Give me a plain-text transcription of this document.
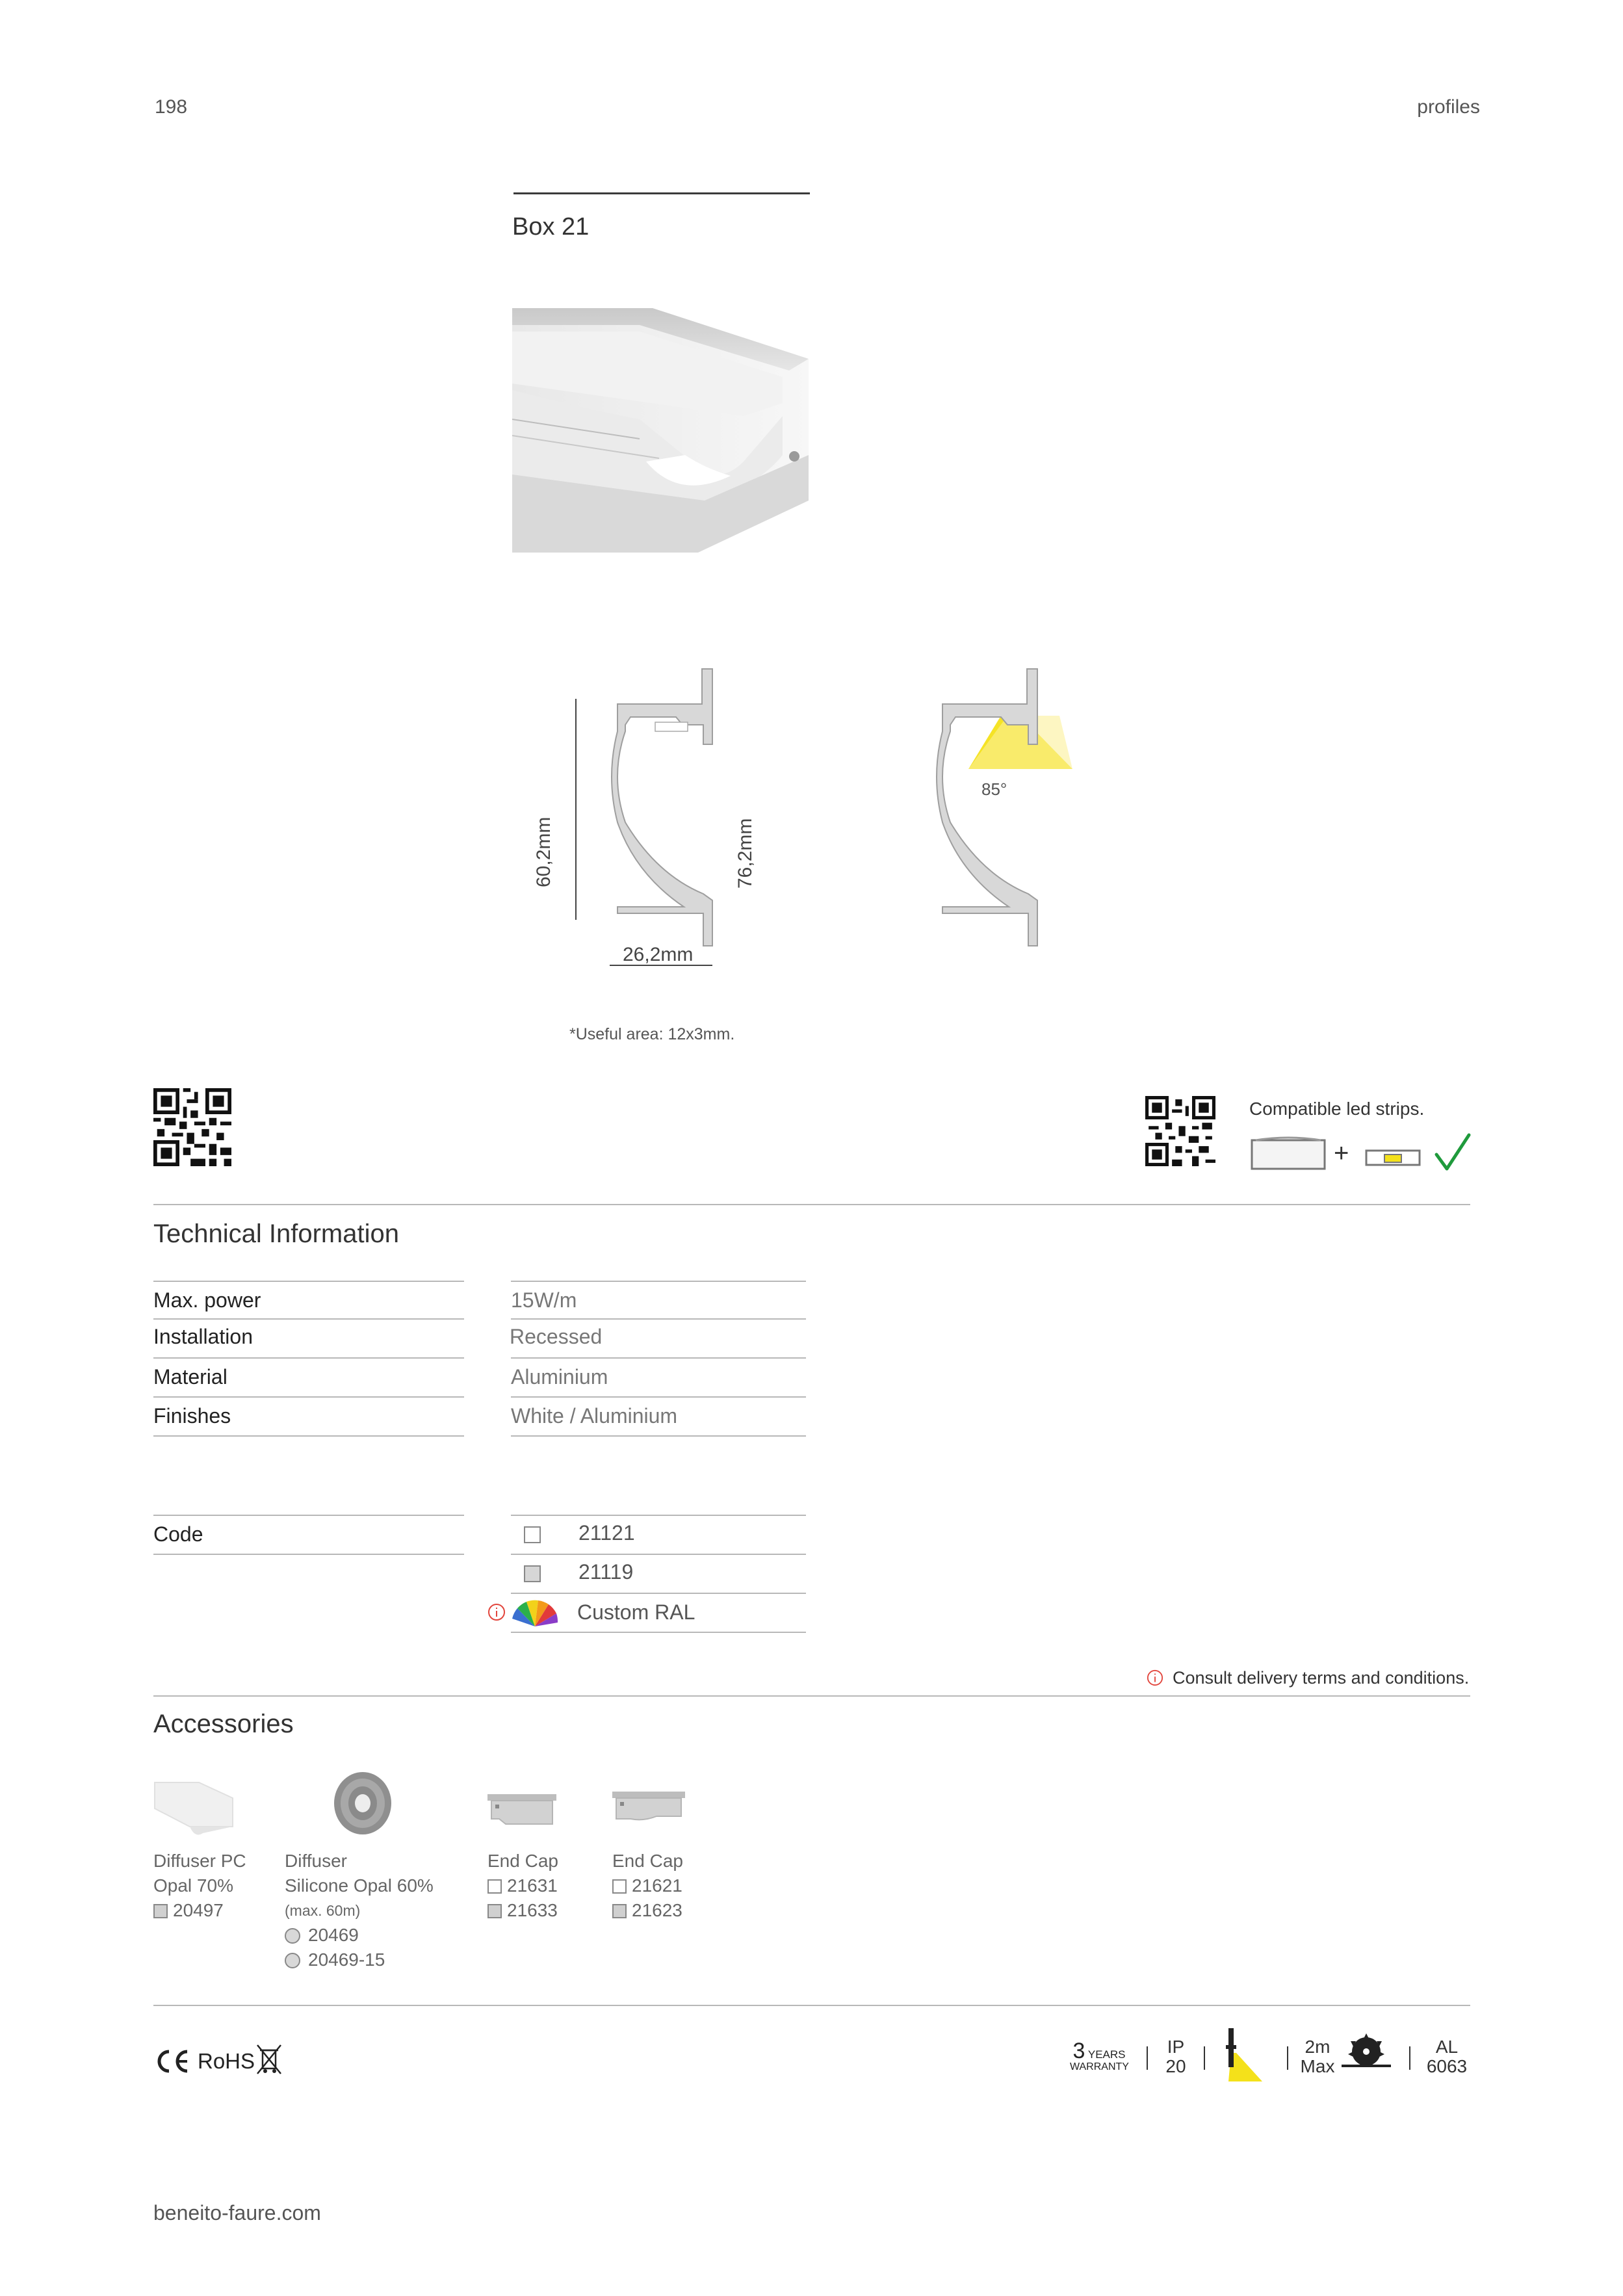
198	profiles
Box 21
60,2mm	76,2mm
26,2mm
85°
*Useful area: 12x3mm.
Compatible led strips.
+
Technical Information
Max. power	15W/m
Installation	Recessed
Material	Aluminium
Finishes	White / Aluminium
Code	21121
21119
Custom RAL
Consult delivery terms and conditions.
Accessories
Diffuser PC
Opal 70%
20497
Diffuser
Silicone Opal 60%
(max. 60m)
20469
20469-15
End Cap
21631
21633
End Cap
21621
21623
RoHS	3 YEARS
WARRANTY
IP
20
2m
Max
AL
6063
beneito-faure.com
